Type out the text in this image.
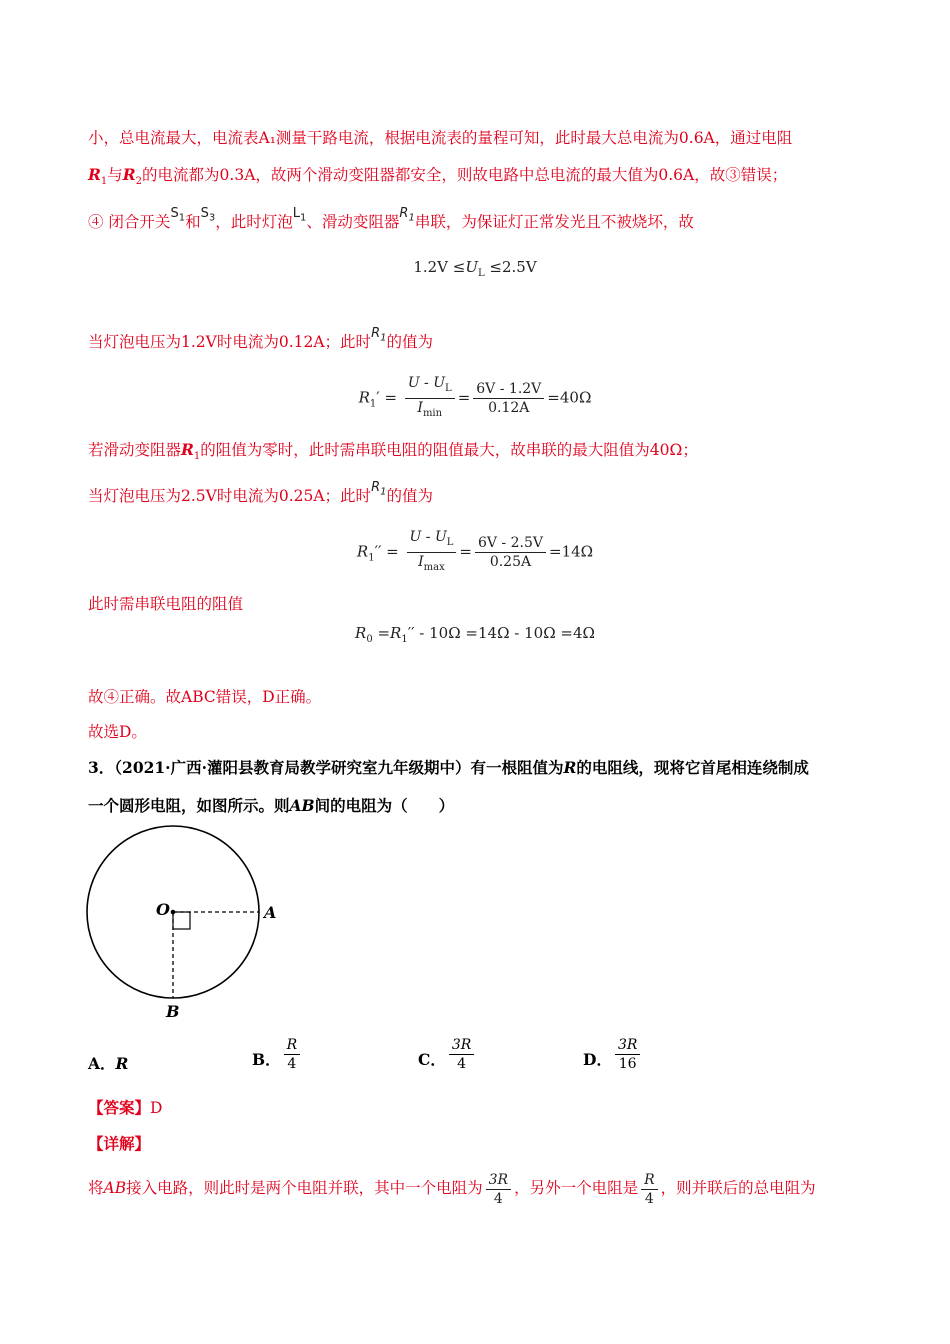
小，总电流最大，电流表A₁测量干路电流，根据电流表的量程可知，此时最大总电流为0.6A，通过电阻
$R_1$与$R_2$的电流都为0.3A，故两个滑动变阻器都安全，则故电路中总电流的最大值为0.6A，故③错误；
④ 闭合开关$^{S_1}$和$^{S_3}$，此时灯泡$^{L_1}$、滑动变阻器$^{R_1}$串联，为保证灯正常发光且不被烧坏，故
$1.2V \le U_L \le 2.5V$
当灯泡电压为1.2V时电流为0.12A；此时$^{R_1}$的值为
$R_1' = \frac{U - U_L}{I_{min}} = \frac{6V - 1.2V}{0.12A} =40\Omega$
若滑动变阻器$R_1$的阻值为零时，此时需串联电阻的阻值最大，故串联的最大阻值为40Ω；
当灯泡电压为2.5V时电流为0.25A；此时$^{R_1}$的值为
$R_1'' = \frac{U - U_L}{I_{max}} = \frac{6V - 2.5V}{0.25A} =14\Omega$
此时需串联电阻的阻值
$R_0 =R_1'' - 10\Omega =14\Omega - 10\Omega =4\Omega$
故④正确。故ABC错误，D正确。
故选D。
3．（2021·广西·灌阳县教育局教学研究室九年级期中）有一根阻值为R的电阻线，现将它首尾相连绕制成
一个圆形电阻，如图所示。则AB间的电阻为（　　）
O	A
B
A．R	B． $\frac{R}{4}$	C． $\frac{3R}{4}$	D． $\frac{3R}{16}$
【答案】D
【详解】
将AB接入电路，则此时是两个电阻并联，其中一个电阻为 $\frac{3R}{4}$ ，另外一个电阻是 $\frac{R}{4}$ ，则并联后的总电阻为
